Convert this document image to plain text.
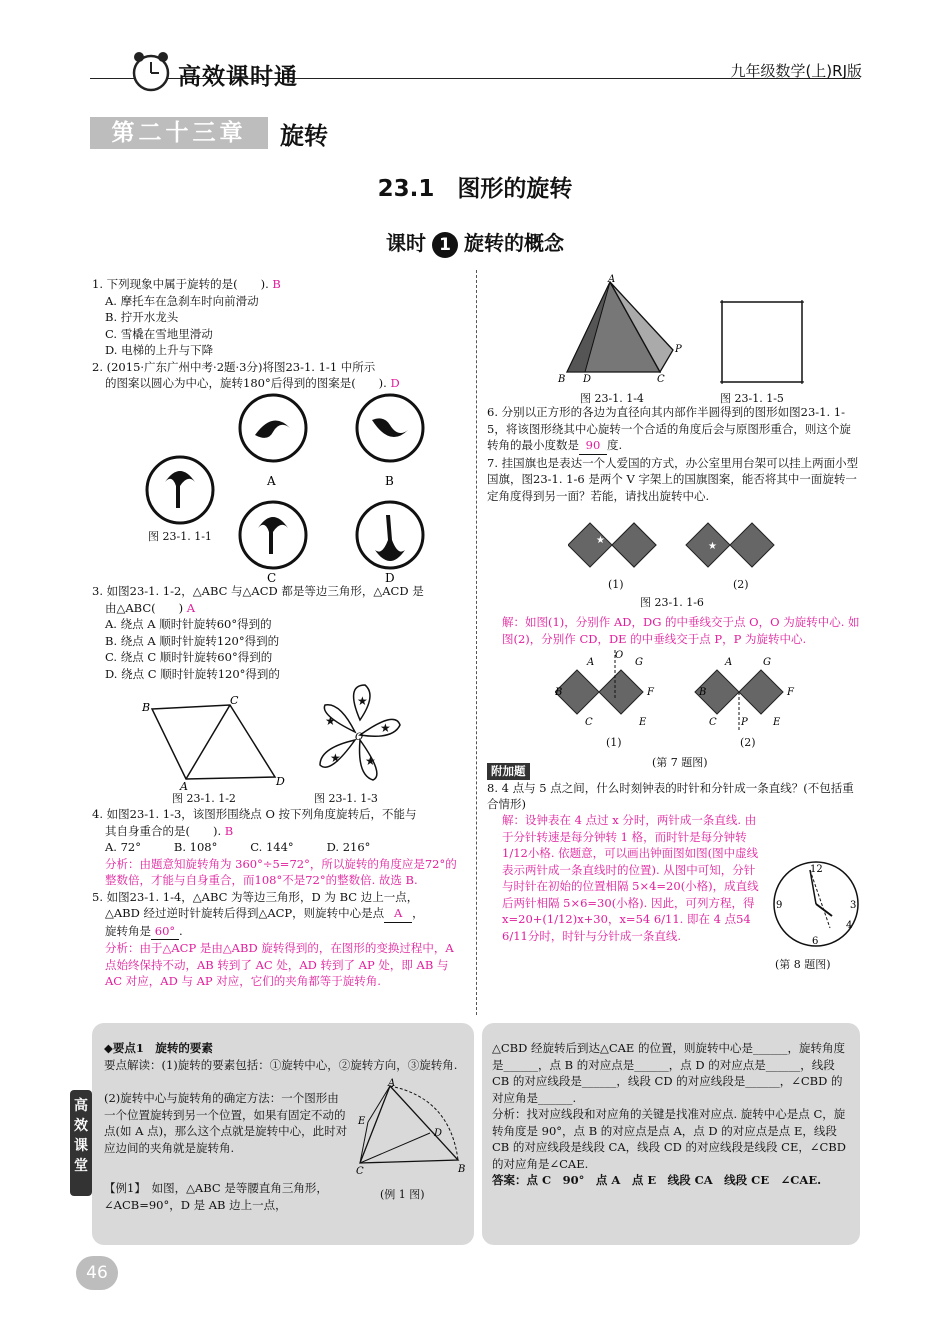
高效课时通	九年级数学(上)RJ版
第二十三章	旋转
23.1　图形的旋转
课时 1 旋转的概念

1. 下列现象中属于旋转的是(　　). B

A. 摩托车在急刹车时向前滑动

B. 拧开水龙头

C. 雪橇在雪地里滑动

D. 电梯的上升与下降

2. (2015·广东广州中考·2题·3分)将图23-1. 1-1 中所示

的图案以圆心为中心，旋转180°后得到的图案是(　　). D

A	B
C	D
图 23-1. 1-1

3. 如图23-1. 1-2，△ABC 与△ACD 都是等边三角形，△ACD 是

由△ABC(　　) A

A. 绕点 A 顺时针旋转60°得到的

B. 绕点 A 顺时针旋转120°得到的

C. 绕点 C 顺时针旋转60°得到的

D. 绕点 C 顺时针旋转120°得到的

B
C
A	D
★
★
★
★
★
O
图 23-1. 1-2	图 23-1. 1-3

4. 如图23-1. 1-3，该图形围绕点 O 按下列角度旋转后，不能与

其自身重合的是(　　). B

A. 72°	B. 108°	C. 144°	D. 216°

分析：由题意知旋转角为 360°÷5=72°，所以旋转的角度应是72°的整数倍，才能与自身重合，而108°不是72°的整数倍. 故选 B.

5. 如图23-1. 1-4，△ABC 为等边三角形，D 为 BC 边上一点，

△ABD 经过逆时针旋转后得到△ACP，则旋转中心是点 A ，

旋转角是 60° .

分析：由于△ACP 是由△ABD 旋转得到的，在图形的变换过程中，A 点始终保持不动，AB 转到了 AC 处，AD 转到了 AP 处，即 AB 与 AC 对应，AD 与 AP 对应，它们的夹角都等于旋转角.

A
B D	C
P
图 23-1. 1-4	图 23-1. 1-5

6. 分别以正方形的各边为直径向其内部作半圆得到的图形如图23-1. 1-5，将该图形绕其中心旋转一个合适的角度后会与原图形重合，则这个旋转角的最小度数是 90 度.

7. 挂国旗也是表达一个人爱国的方式，办公室里用台架可以挂上两面小型国旗，图23-1. 1-6 是两个 V 字架上的国旗图案，能否将其中一面旋转一定角度得到另一面？若能，请找出旋转中心.

★
★
(1)	(2)
图 23-1. 1-6
解：如图(1)，分别作 AD，DG 的中垂线交于点 O，O 为旋转中心. 如图(2)，分别作 CD，DE 的中垂线交于点 P，P 为旋转中心.
A
O
G
B	F
C	E
A	G
B	F
C P	E
(1)	(2)
(第 7 题图)

附加题

8. 4 点与 5 点之间，什么时刻钟表的时针和分针成一条直线？(不包括重合情形)

解：设钟表在 4 点过 x 分时，两针成一条直线. 由于分针转速是每分钟转 1 格，而时针是每分钟转1/12小格. 依题意，可以画出钟面图如图(图中虚线表示两针成一条直线时的位置). 从图中可知，分针与时针在初始的位置相隔 5×4=20(小格)，成直线后两针相隔 5×6=30(小格). 因此，可列方程，得 x=20+(1/12)x+30，x=54 6/11. 即在 4 点54 6/11分时，时针与分针成一条直线.
12
9	3
4
6
(第 8 题图)
高效课堂

◆要点1　旋转的要素

要点解读：(1)旋转的要素包括：①旋转中心，②旋转方向，③旋转角.

(2)旋转中心与旋转角的确定方法：一个图形由一个位置旋转到另一个位置，如果有固定不动的点(如 A 点)，那么这个点就是旋转中心，此时对应边间的夹角就是旋转角.
A
E
D
C	B
(例 1 图)
【例1】　如图，△ABC 是等腰直角三角形，∠ACB=90°，D 是 AB 边上一点，

△CBD 经旋转后到达△CAE 的位置，则旋转中心是______，旋转角度是______，点 B 的对应点是______，点 D 的对应点是______，线段 CB 的对应线段是______，线段 CD 的对应线段是______，∠CBD 的对应角是______.

分析：找对应线段和对应角的关键是找准对应点. 旋转中心是点 C，旋转角度是 90°，点 B 的对应点是点 A，点 D 的对应点是点 E，线段 CB 的对应线段是线段 CA，线段 CD 的对应线段是线段 CE，∠CBD 的对应角是∠CAE.

答案：点 C　90°　点 A　点 E　线段 CA　线段 CE　∠CAE.

46
